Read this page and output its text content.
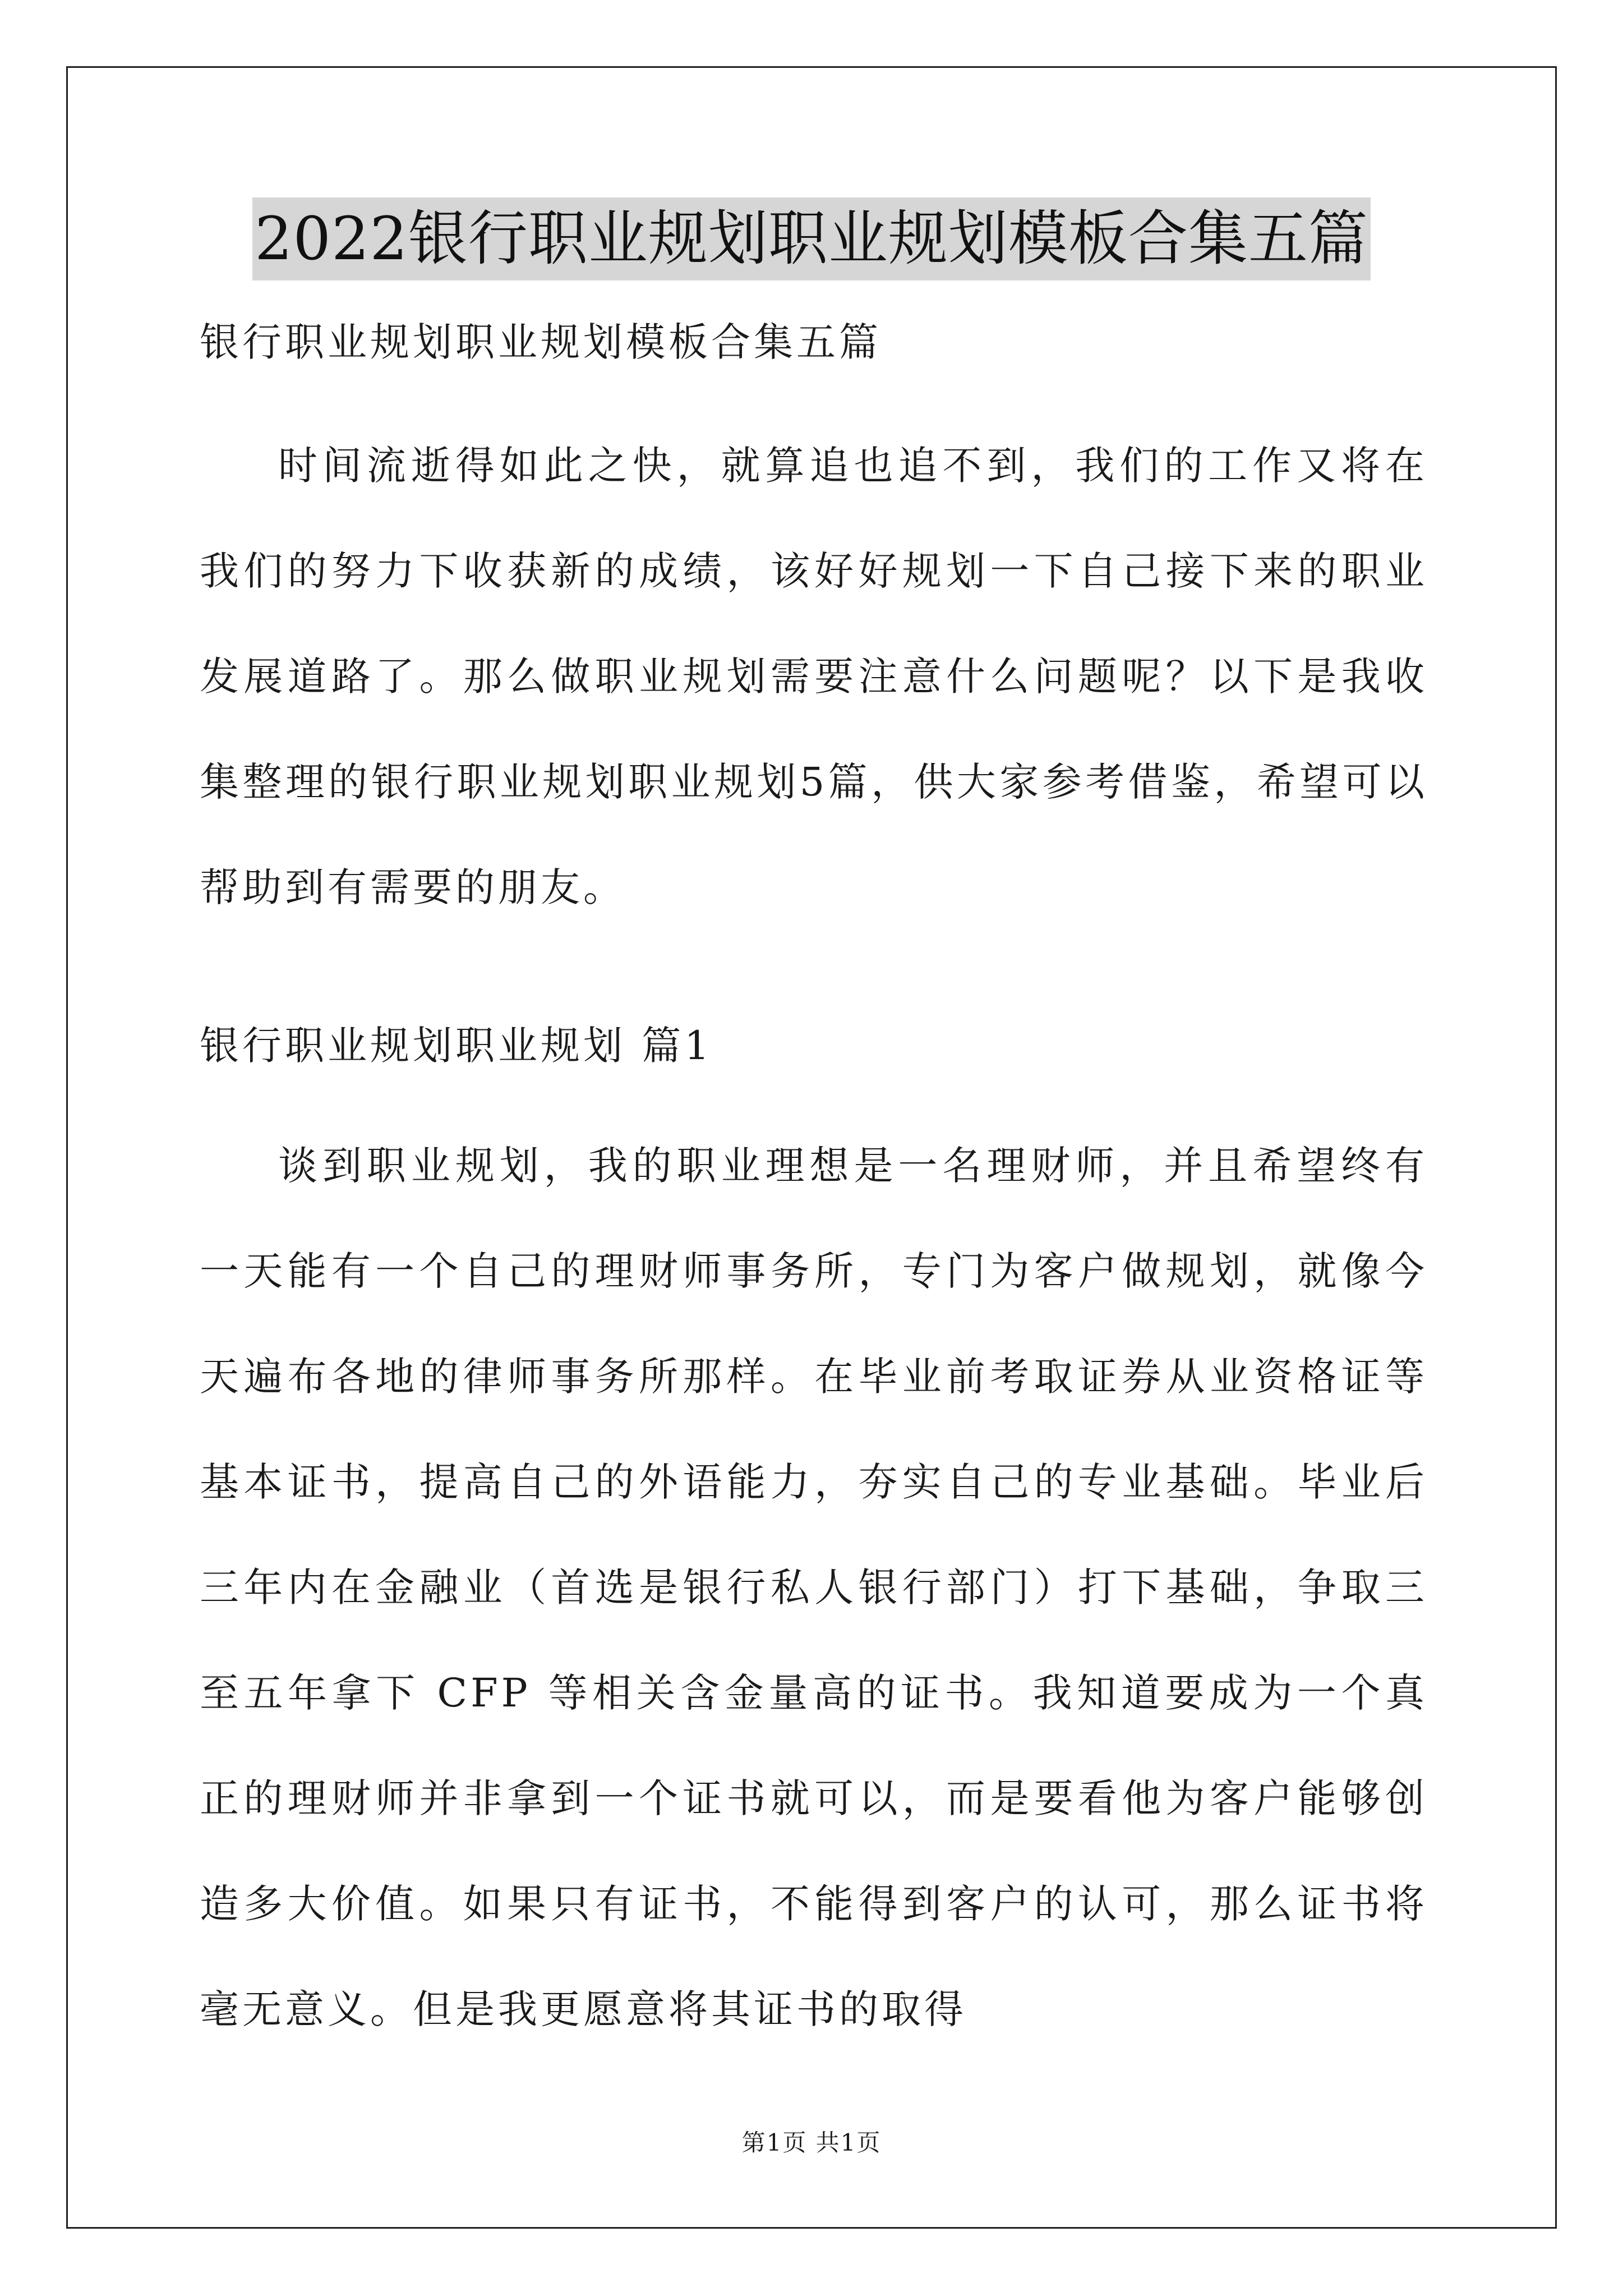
2022银行职业规划职业规划模板合集五篇

银行职业规划职业规划模板合集五篇

时间流逝得如此之快，就算追也追不到，我们的工作又将在我们的努力下收获新的成绩，该好好规划一下自己接下来的职业发展道路了。那么做职业规划需要注意什么问题呢？以下是我收集整理的银行职业规划职业规划5篇，供大家参考借鉴，希望可以帮助到有需要的朋友。

银行职业规划职业规划 篇1

谈到职业规划，我的职业理想是一名理财师，并且希望终有一天能有一个自己的理财师事务所，专门为客户做规划，就像今天遍布各地的律师事务所那样。在毕业前考取证券从业资格证等基本证书，提高自己的外语能力，夯实自己的专业基础。毕业后三年内在金融业（首选是银行私人银行部门）打下基础，争取三至五年拿下 CFP 等相关含金量高的证书。我知道要成为一个真正的理财师并非拿到一个证书就可以，而是要看他为客户能够创造多大价值。如果只有证书，不能得到客户的认可，那么证书将毫无意义。但是我更愿意将其证书的取得

第1页 共1页
